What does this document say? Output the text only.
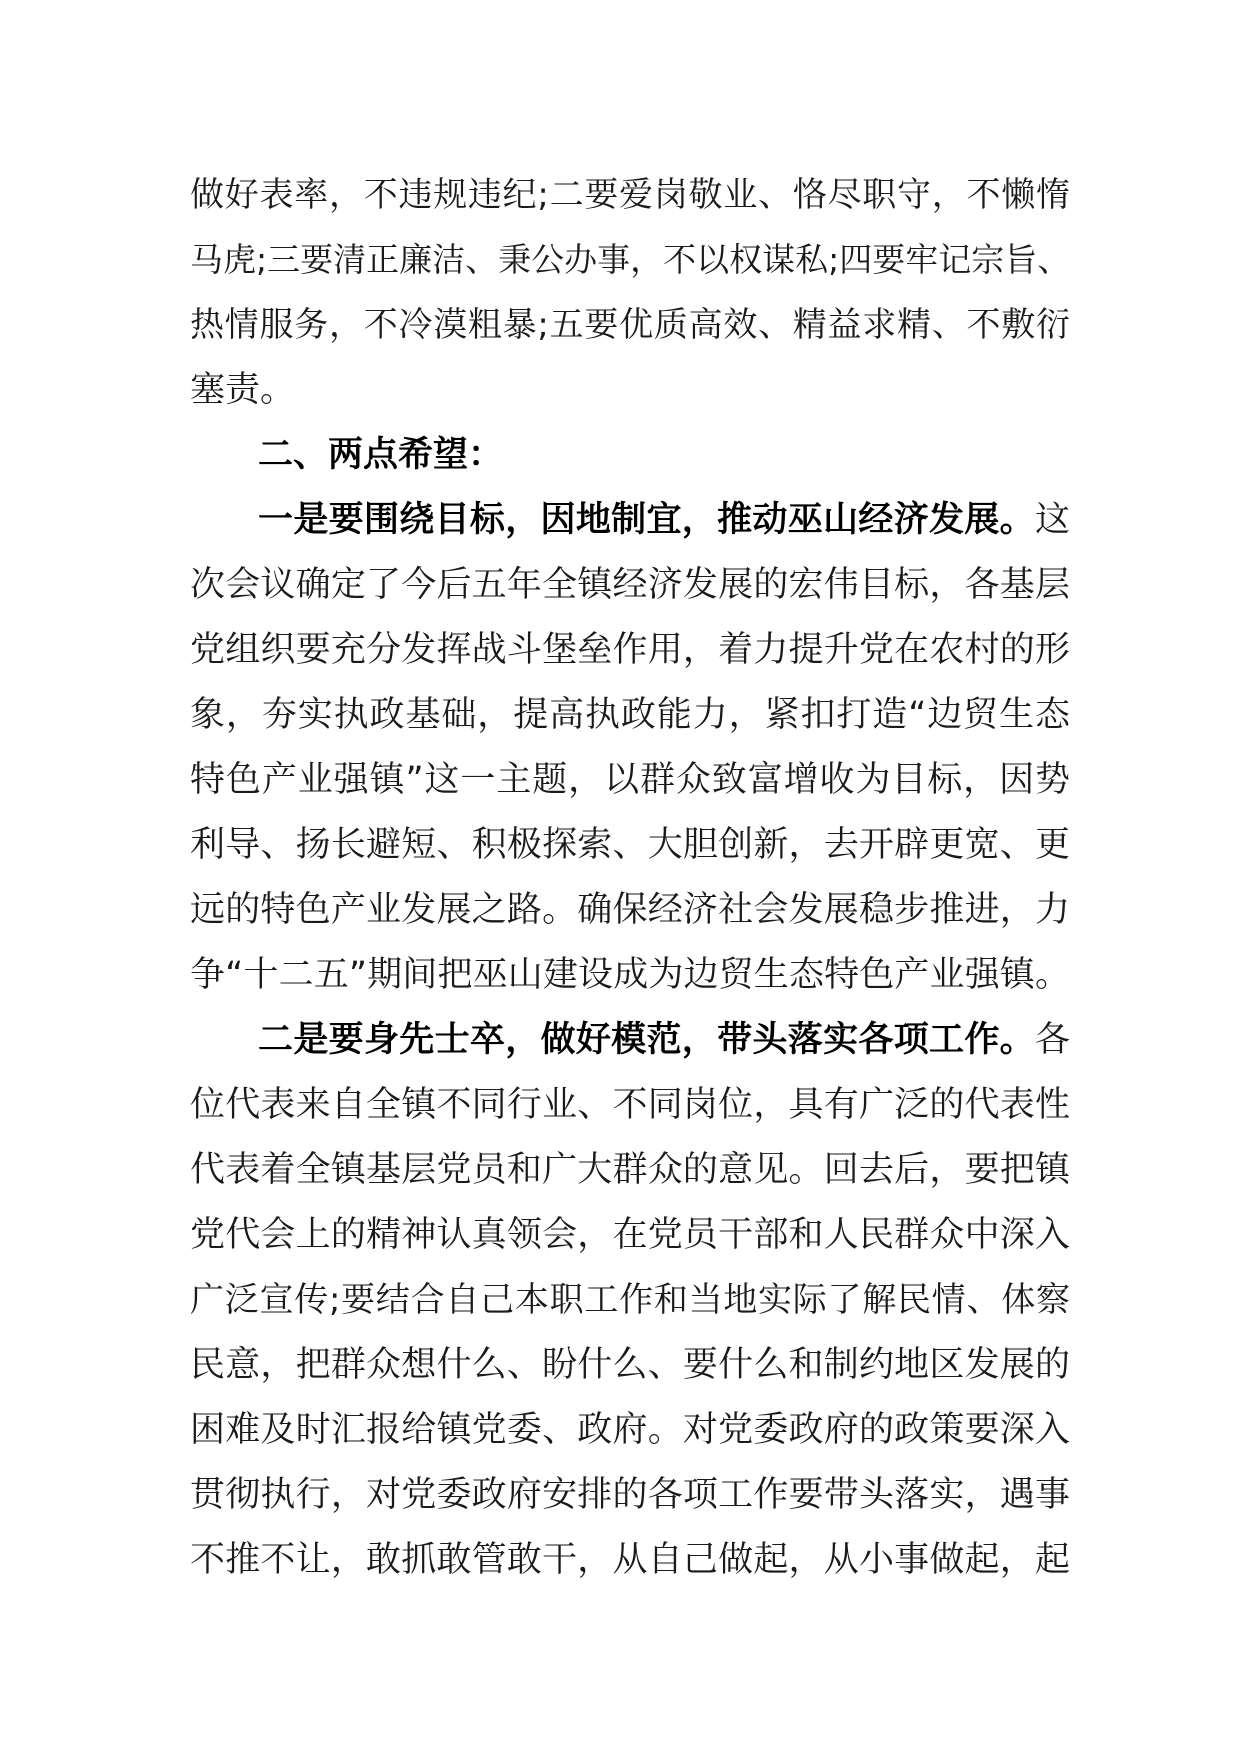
做好表率，不违规违纪;二要爱岗敬业、恪尽职守，不懒惰
马虎;三要清正廉洁、秉公办事，不以权谋私;四要牢记宗旨、
热情服务，不冷漠粗暴;五要优质高效、精益求精、不敷衍
塞责。
二、两点希望：
一是要围绕目标，因地制宜，推动巫山经济发展。这
次会议确定了今后五年全镇经济发展的宏伟目标，各基层
党组织要充分发挥战斗堡垒作用，着力提升党在农村的形
象，夯实执政基础，提高执政能力，紧扣打造“边贸生态
特色产业强镇”这一主题，以群众致富增收为目标，因势
利导、扬长避短、积极探索、大胆创新，去开辟更宽、更
远的特色产业发展之路。确保经济社会发展稳步推进，力
争“十二五”期间把巫山建设成为边贸生态特色产业强镇。
二是要身先士卒，做好模范，带头落实各项工作。各
位代表来自全镇不同行业、不同岗位，具有广泛的代表性
代表着全镇基层党员和广大群众的意见。回去后，要把镇
党代会上的精神认真领会，在党员干部和人民群众中深入
广泛宣传;要结合自己本职工作和当地实际了解民情、体察
民意，把群众想什么、盼什么、要什么和制约地区发展的
困难及时汇报给镇党委、政府。对党委政府的政策要深入
贯彻执行，对党委政府安排的各项工作要带头落实，遇事
不推不让，敢抓敢管敢干，从自己做起，从小事做起，起
